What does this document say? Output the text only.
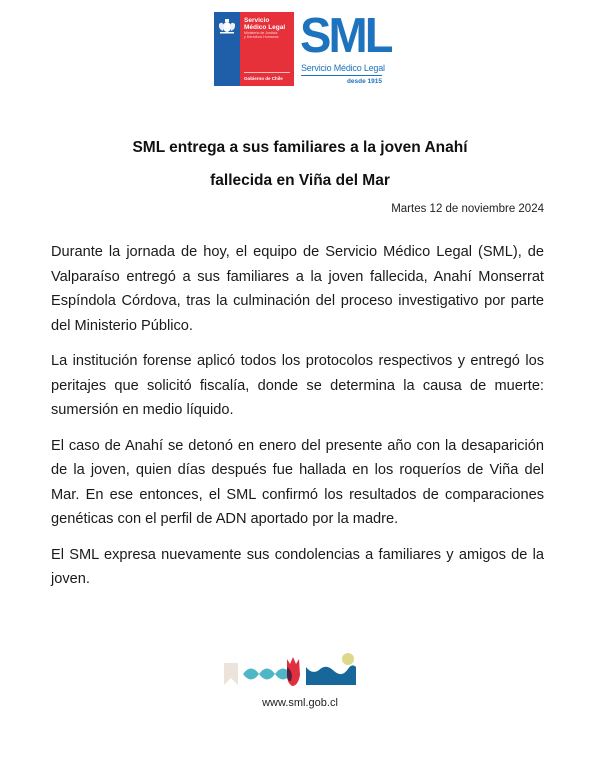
Servicio
Médico Legal
Ministerio de Justicia
y Derechos Humanos
Gobierno de Chile
SML
Servicio Médico Legal
desde 1915
SML entrega a sus familiares a la joven Anahí
fallecida en Viña del Mar
Martes 12 de noviembre 2024

Durante la jornada de hoy, el equipo de Servicio Médico Legal (SML), de Valparaíso entregó a sus familiares a la joven fallecida, Anahí Monserrat Espíndola Córdova, tras la culminación del proceso investigativo por parte del Ministerio Público.

La institución forense aplicó todos los protocolos respectivos y entregó los peritajes que solicitó fiscalía, donde se determina la causa de muerte: sumersión en medio líquido.

El caso de Anahí se detonó en enero del presente año con la desaparición de la joven, quien días después fue hallada en los roqueríos de Viña del Mar. En ese entonces, el SML confirmó los resultados de comparaciones genéticas con el perfil de ADN aportado por la madre.

El SML expresa nuevamente sus condolencias a familiares y amigos de la joven.

www.sml.gob.cl
